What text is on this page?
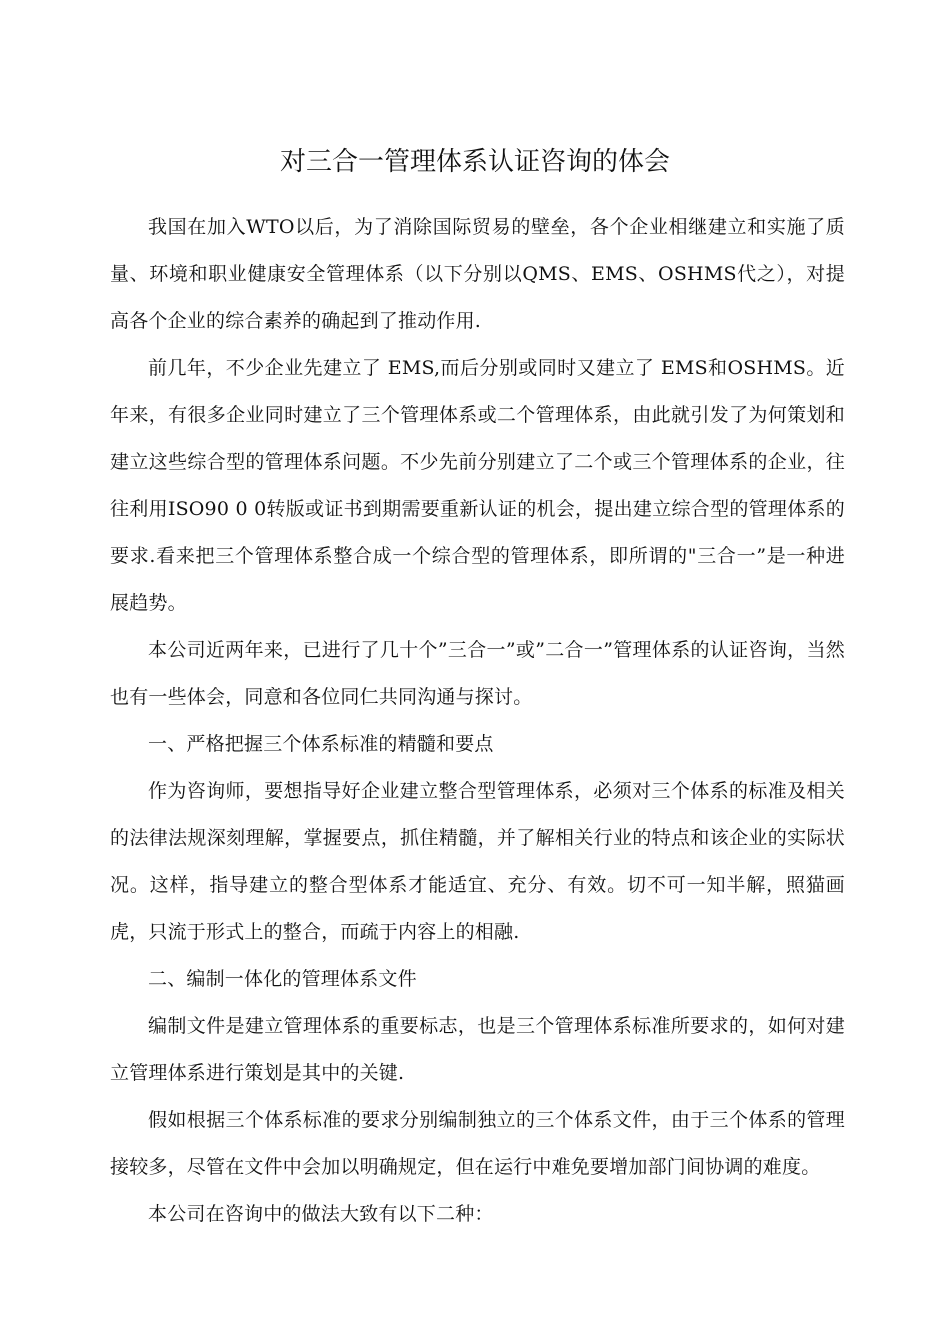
对三合一管理体系认证咨询的体会

我国在加入WTO以后，为了消除国际贸易的壁垒，各个企业相继建立和实施了质量、环境和职业健康安全管理体系（以下分别以QMS、EMS、OSHMS代之），对提高各个企业的综合素养的确起到了推动作用.

前几年，不少企业先建立了 EMS,而后分别或同时又建立了 EMS和OSHMS。近年来，有很多企业同时建立了三个管理体系或二个管理体系，由此就引发了为何策划和建立这些综合型的管理体系问题。不少先前分别建立了二个或三个管理体系的企业，往往利用ISO90 0 0转版或证书到期需要重新认证的机会，提出建立综合型的管理体系的要求.看来把三个管理体系整合成一个综合型的管理体系，即所谓的"三合一”是一种进展趋势。

本公司近两年来，已进行了几十个”三合一”或”二合一”管理体系的认证咨询，当然也有一些体会，同意和各位同仁共同沟通与探讨。

一、严格把握三个体系标准的精髓和要点

作为咨询师，要想指导好企业建立整合型管理体系，必须对三个体系的标准及相关的法律法规深刻理解，掌握要点，抓住精髓，并了解相关行业的特点和该企业的实际状况。这样，指导建立的整合型体系才能适宜、充分、有效。切不可一知半解，照猫画虎，只流于形式上的整合，而疏于内容上的相融.

二、编制一体化的管理体系文件

编制文件是建立管理体系的重要标志，也是三个管理体系标准所要求的，如何对建立管理体系进行策划是其中的关键.

假如根据三个体系标准的要求分别编制独立的三个体系文件，由于三个体系的管理接较多，尽管在文件中会加以明确规定，但在运行中难免要增加部门间协调的难度。

本公司在咨询中的做法大致有以下二种：
